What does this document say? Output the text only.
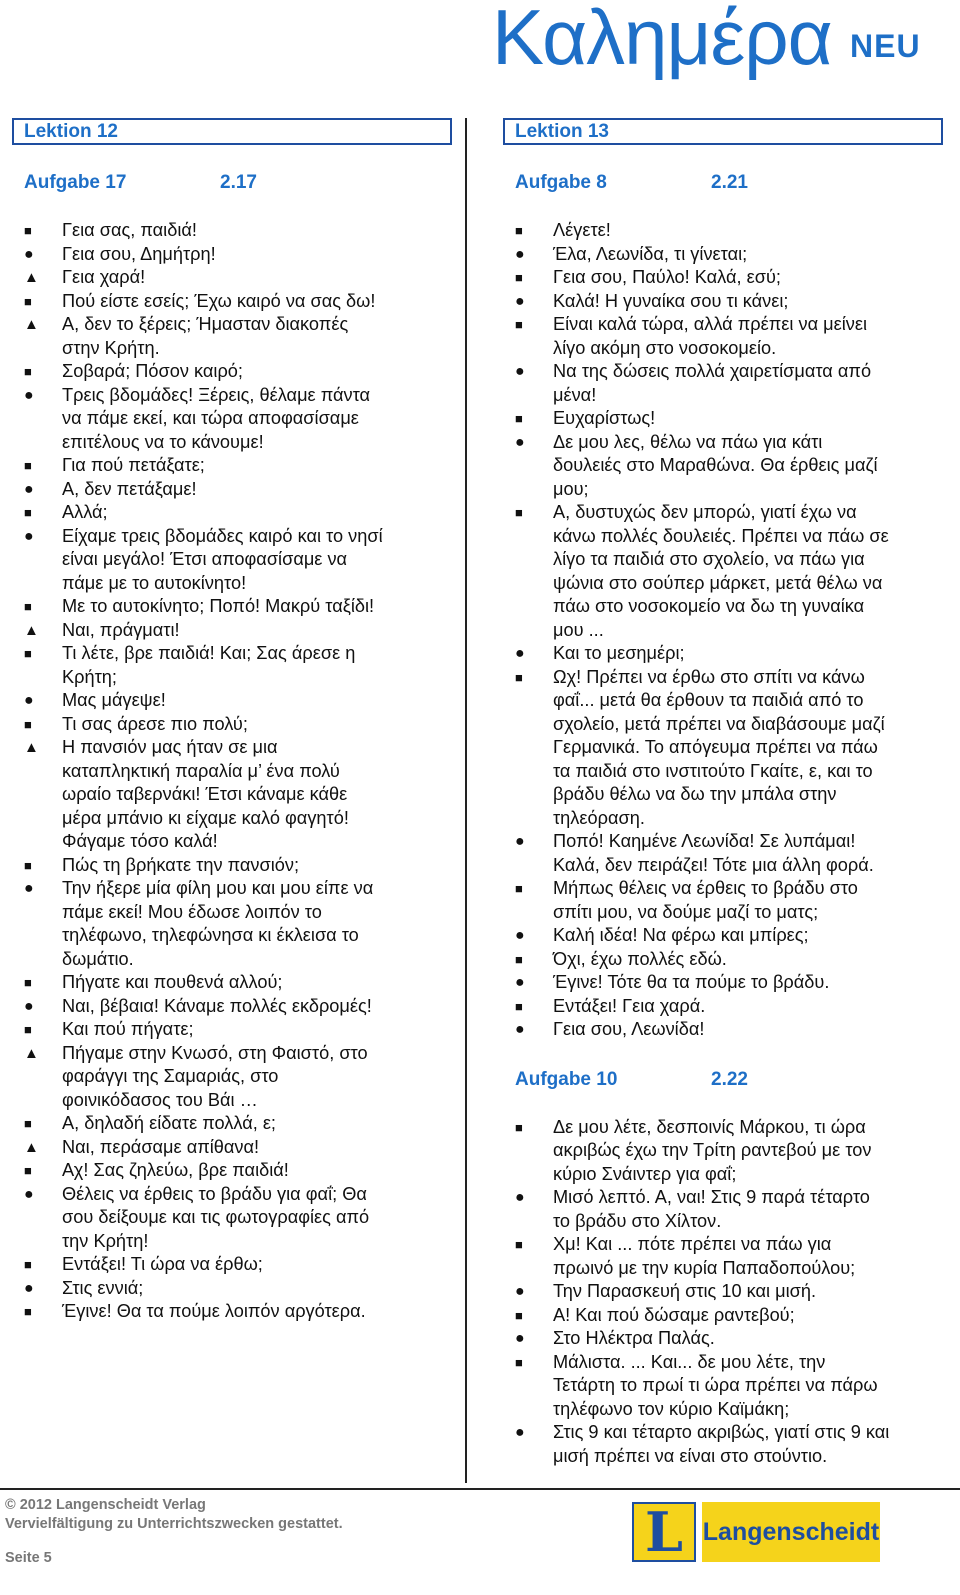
Καλημέρα NEU
Lektion 12
Aufgabe 17	2.17
■	Γεια σας, παιδιά!
●	Γεια σου, Δημήτρη!
▲	Γεια χαρά!
■	Πού είστε εσείς; Έχω καιρό να σας δω!
▲	Α, δεν το ξέρεις; Ήμασταν διακοπές
στην Κρήτη.
■	Σοβαρά; Πόσον καιρό;
●	Τρεις βδομάδες! Ξέρεις, θέλαμε πάντα
να πάμε εκεί, και τώρα αποφασίσαμε
επιτέλους να το κάνουμε!
■	Για πού πετάξατε;
●	Α, δεν πετάξαμε!
■	Αλλά;
●	Είχαμε τρεις βδομάδες καιρό και το νησί
είναι μεγάλο! Έτσι αποφασίσαμε να
πάμε με το αυτοκίνητο!
■	Με το αυτοκίνητο; Ποπό! Μακρύ ταξίδι!
▲	Ναι, πράγματι!
■	Τι λέτε, βρε παιδιά! Και; Σας άρεσε η
Κρήτη;
●	Μας μάγεψε!
■	Τι σας άρεσε πιο πολύ;
▲	Η πανσιόν μας ήταν σε μια
καταπληκτική παραλία μ’ ένα πολύ
ωραίο ταβερνάκι! Έτσι κάναμε κάθε
μέρα μπάνιο κι είχαμε καλό φαγητό!
Φάγαμε τόσο καλά!
■	Πώς τη βρήκατε την πανσιόν;
●	Την ήξερε μία φίλη μου και μου είπε να
πάμε εκεί! Μου έδωσε λοιπόν το
τηλέφωνο, τηλεφώνησα κι έκλεισα το
δωμάτιο.
■	Πήγατε και πουθενά αλλού;
●	Ναι, βέβαια! Κάναμε πολλές εκδρομές!
■	Και πού πήγατε;
▲	Πήγαμε στην Κνωσό, στη Φαιστό, στο
φαράγγι της Σαμαριάς, στο
φοινικόδασος του Βάι …
■	Α, δηλαδή είδατε πολλά, ε;
▲	Ναι, περάσαμε απίθανα!
■	Αχ! Σας ζηλεύω, βρε παιδιά!
●	Θέλεις να έρθεις το βράδυ για φαΐ; Θα
σου δείξουμε και τις φωτογραφίες από
την Κρήτη!
■	Εντάξει! Τι ώρα να έρθω;
●	Στις εννιά;
■	Έγινε! Θα τα πούμε λοιπόν αργότερα.
Lektion 13
Aufgabe 8	2.21
■	Λέγετε!
●	Έλα, Λεωνίδα, τι γίνεται;
■	Γεια σου, Παύλο! Καλά, εσύ;
●	Καλά! Η γυναίκα σου τι κάνει;
■	Είναι καλά τώρα, αλλά πρέπει να μείνει
λίγο ακόμη στο νοσοκομείο.
●	Να της δώσεις πολλά χαιρετίσματα από
μένα!
■	Ευχαρίστως!
●	Δε μου λες, θέλω να πάω για κάτι
δουλειές στο Μαραθώνα. Θα έρθεις μαζί
μου;
■	Α, δυστυχώς δεν μπορώ, γιατί έχω να
κάνω πολλές δουλειές. Πρέπει να πάω σε
λίγο τα παιδιά στο σχολείο, να πάω για
ψώνια στο σούπερ μάρκετ, μετά θέλω να
πάω στο νοσοκομείο να δω τη γυναίκα
μου ...
●	Και το μεσημέρι;
■	Ωχ! Πρέπει να έρθω στο σπίτι να κάνω
φαΐ... μετά θα έρθουν τα παιδιά από το
σχολείο, μετά πρέπει να διαβάσουμε μαζί
Γερμανικά. Το απόγευμα πρέπει να πάω
τα παιδιά στο ινστιτούτο Γκαίτε, ε, και το
βράδυ θέλω να δω την μπάλα στην
τηλεόραση.
●	Ποπό! Καημένε Λεωνίδα! Σε λυπάμαι!
Καλά, δεν πειράζει! Τότε μια άλλη φορά.
■	Μήπως θέλεις να έρθεις το βράδυ στο
σπίτι μου, να δούμε μαζί το ματς;
●	Καλή ιδέα! Να φέρω και μπίρες;
■	Όχι, έχω πολλές εδώ.
●	Έγινε! Τότε θα τα πούμε το βράδυ.
■	Εντάξει! Γεια χαρά.
●	Γεια σου, Λεωνίδα!
Aufgabe 10	2.22
■	Δε μου λέτε, δεσποινίς Μάρκου, τι ώρα
ακριβώς έχω την Τρίτη ραντεβού με τον
κύριο Σνάιντερ για φαΐ;
●	Μισό λεπτό. Α, ναι! Στις 9 παρά τέταρτο
το βράδυ στο Χίλτον.
■	Χμ! Και ... πότε πρέπει να πάω για
πρωινό με την κυρία Παπαδοπούλου;
●	Την Παρασκευή στις 10 και μισή.
■	Α! Και πού δώσαμε ραντεβού;
●	Στο Ηλέκτρα Παλάς.
■	Μάλιστα. ... Και... δε μου λέτε, την
Τετάρτη το πρωί τι ώρα πρέπει να πάρω
τηλέφωνο τον κύριο Καϊμάκη;
●	Στις 9 και τέταρτο ακριβώς, γιατί στις 9 και
μισή πρέπει να είναι στο στούντιο.
© 2012 Langenscheidt Verlag
Vervielfältigung zu Unterrichtszwecken gestattet.
Seite 5	L Langenscheidt
